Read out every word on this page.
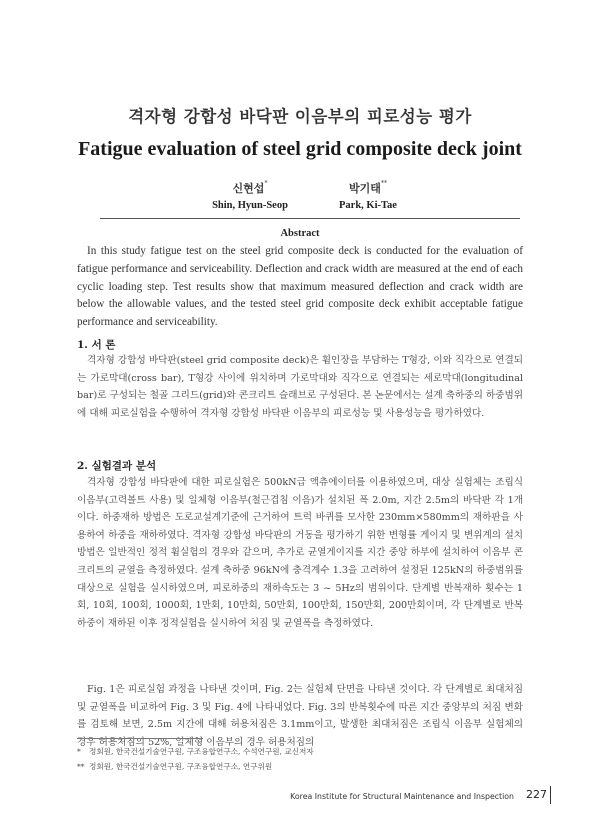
격자형 강합성 바닥판 이음부의 피로성능 평가
Fatigue evaluation of steel grid composite deck joint
신현섭*
Shin, Hyun-Seop
박기태**
Park, Ki-Tae
Abstract
In this study fatigue test on the steel grid composite deck is conducted for the evaluation of fatigue performance and serviceability. Deflection and crack width are measured at the end of each cyclic loading step. Test results show that maximum measured deflection and crack width are below the allowable values, and the tested steel grid composite deck exhibit acceptable fatigue performance and serviceability.
1. 서 론
격자형 강합성 바닥판(steel grid composite deck)은 휨인장을 부담하는 T형강, 이와 직각으로 연결되는 가로막대(cross bar), T형강 사이에 위치하며 가로막대와 직각으로 연결되는 세로막대(longitudinal bar)로 구성되는 철골 그리드(grid)와 콘크리트 슬래브로 구성된다. 본 논문에서는 설계 축하중의 하중범위에 대해 피로실험을 수행하여 격자형 강합성 바닥판 이음부의 피로성능 및 사용성능을 평가하였다.
2. 실험결과 분석
격자형 강합성 바닥판에 대한 피로실험은 500kN급 액츄에이터를 이용하였으며, 대상 실험체는 조립식 이음부(고력볼트 사용) 및 일체형 이음부(철근겹침 이음)가 설치된 폭 2.0m, 지간 2.5m의 바닥판 각 1개이다. 하중재하 방법은 도로교설계기준에 근거하여 트럭 바퀴를 모사한 230mm×580mm의 재하판을 사용하여 하중을 재하하였다. 격자형 강합성 바닥판의 거동을 평가하기 위한 변형률 게이지 및 변위계의 설치방법은 일반적인 정적 휨실험의 경우와 같으며, 추가로 균열게이지를 지간 중앙 하부에 설치하여 이음부 콘크리트의 균열을 측정하였다. 설계 축하중 96kN에 충격계수 1.3을 고려하여 설정된 125kN의 하중범위를 대상으로 실험을 실시하였으며, 피로하중의 재하속도는 3 ~ 5Hz의 범위이다. 단계별 반복재하 횟수는 1회, 10회, 100회, 1000회, 1만회, 10만회, 50만회, 100만회, 150만회, 200만회이며, 각 단계별로 반복하중이 재하된 이후 정적실험을 실시하여 처짐 및 균열폭을 측정하였다.
Fig. 1은 피로실험 과정을 나타낸 것이며, Fig. 2는 실험체 단면을 나타낸 것이다. 각 단계별로 최대처짐 및 균열폭을 비교하여 Fig. 3 및 Fig. 4에 나타내었다. Fig. 3의 반복횟수에 따른 지간 중앙부의 처짐 변화를 검토해 보면, 2.5m 지간에 대해 허용처짐은 3.1mm이고, 발생한 최대처짐은 조립식 이음부 실험체의 경우 허용처짐의 52%, 일체형 이음부의 경우 허용처짐의
* 정회원, 한국건설기술연구원, 구조융합연구소, 수석연구원, 교신저자
** 정회원, 한국건설기술연구원, 구조융합연구소, 연구위원
Korea Institute for Structural Maintenance and Inspection 227
